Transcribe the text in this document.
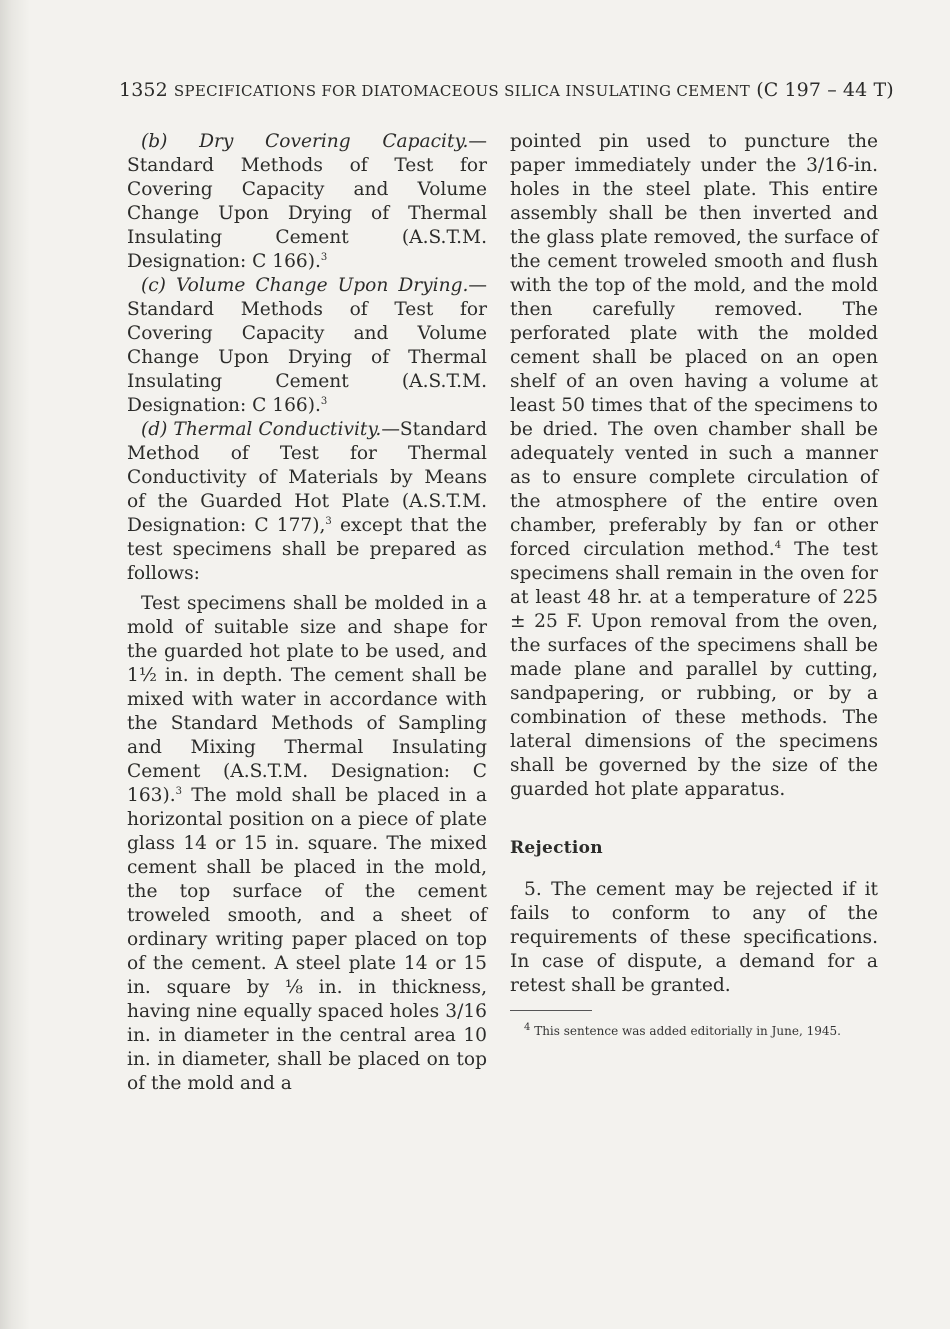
1352 SPECIFICATIONS FOR DIATOMACEOUS SILICA INSULATING CEMENT (C 197 – 44 T)

(b) Dry Covering Capacity.—Standard Methods of Test for Covering Capacity and Volume Change Upon Drying of Thermal Insulating Cement (A.S.T.M. Designation: C 166).$^3$

(c) Volume Change Upon Drying.—Standard Methods of Test for Covering Capacity and Volume Change Upon Drying of Thermal Insulating Cement (A.S.T.M. Designation: C 166).$^3$

(d) Thermal Conductivity.—Standard Method of Test for Thermal Conductivity of Materials by Means of the Guarded Hot Plate (A.S.T.M. Designation: C 177),$^3$ except that the test specimens shall be prepared as follows:

Test specimens shall be molded in a mold of suitable size and shape for the guarded hot plate to be used, and 1½ in. in depth. The cement shall be mixed with water in accordance with the Standard Methods of Sampling and Mixing Thermal Insulating Cement (A.S.T.M. Designation: C 163).$^3$ The mold shall be placed in a horizontal position on a piece of plate glass 14 or 15 in. square. The mixed cement shall be placed in the mold, the top surface of the cement troweled smooth, and a sheet of ordinary writing paper placed on top of the cement. A steel plate 14 or 15 in. square by ⅛ in. in thickness, having nine equally spaced holes 3/16 in. in diameter in the central area 10 in. in diameter, shall be placed on top of the mold and a

pointed pin used to puncture the paper immediately under the 3/16-in. holes in the steel plate. This entire assembly shall be then inverted and the glass plate removed, the surface of the cement troweled smooth and flush with the top of the mold, and the mold then carefully removed. The perforated plate with the molded cement shall be placed on an open shelf of an oven having a volume at least 50 times that of the specimens to be dried. The oven chamber shall be adequately vented in such a manner as to ensure complete circulation of the atmosphere of the entire oven chamber, preferably by fan or other forced circulation method.$^4$ The test specimens shall remain in the oven for at least 48 hr. at a temperature of 225 ± 25 F. Upon removal from the oven, the surfaces of the specimens shall be made plane and parallel by cutting, sandpapering, or rubbing, or by a combination of these methods. The lateral dimensions of the specimens shall be governed by the size of the guarded hot plate apparatus.

Rejection

5. The cement may be rejected if it fails to conform to any of the requirements of these specifications. In case of dispute, a demand for a retest shall be granted.

$^4$ This sentence was added editorially in June, 1945.
